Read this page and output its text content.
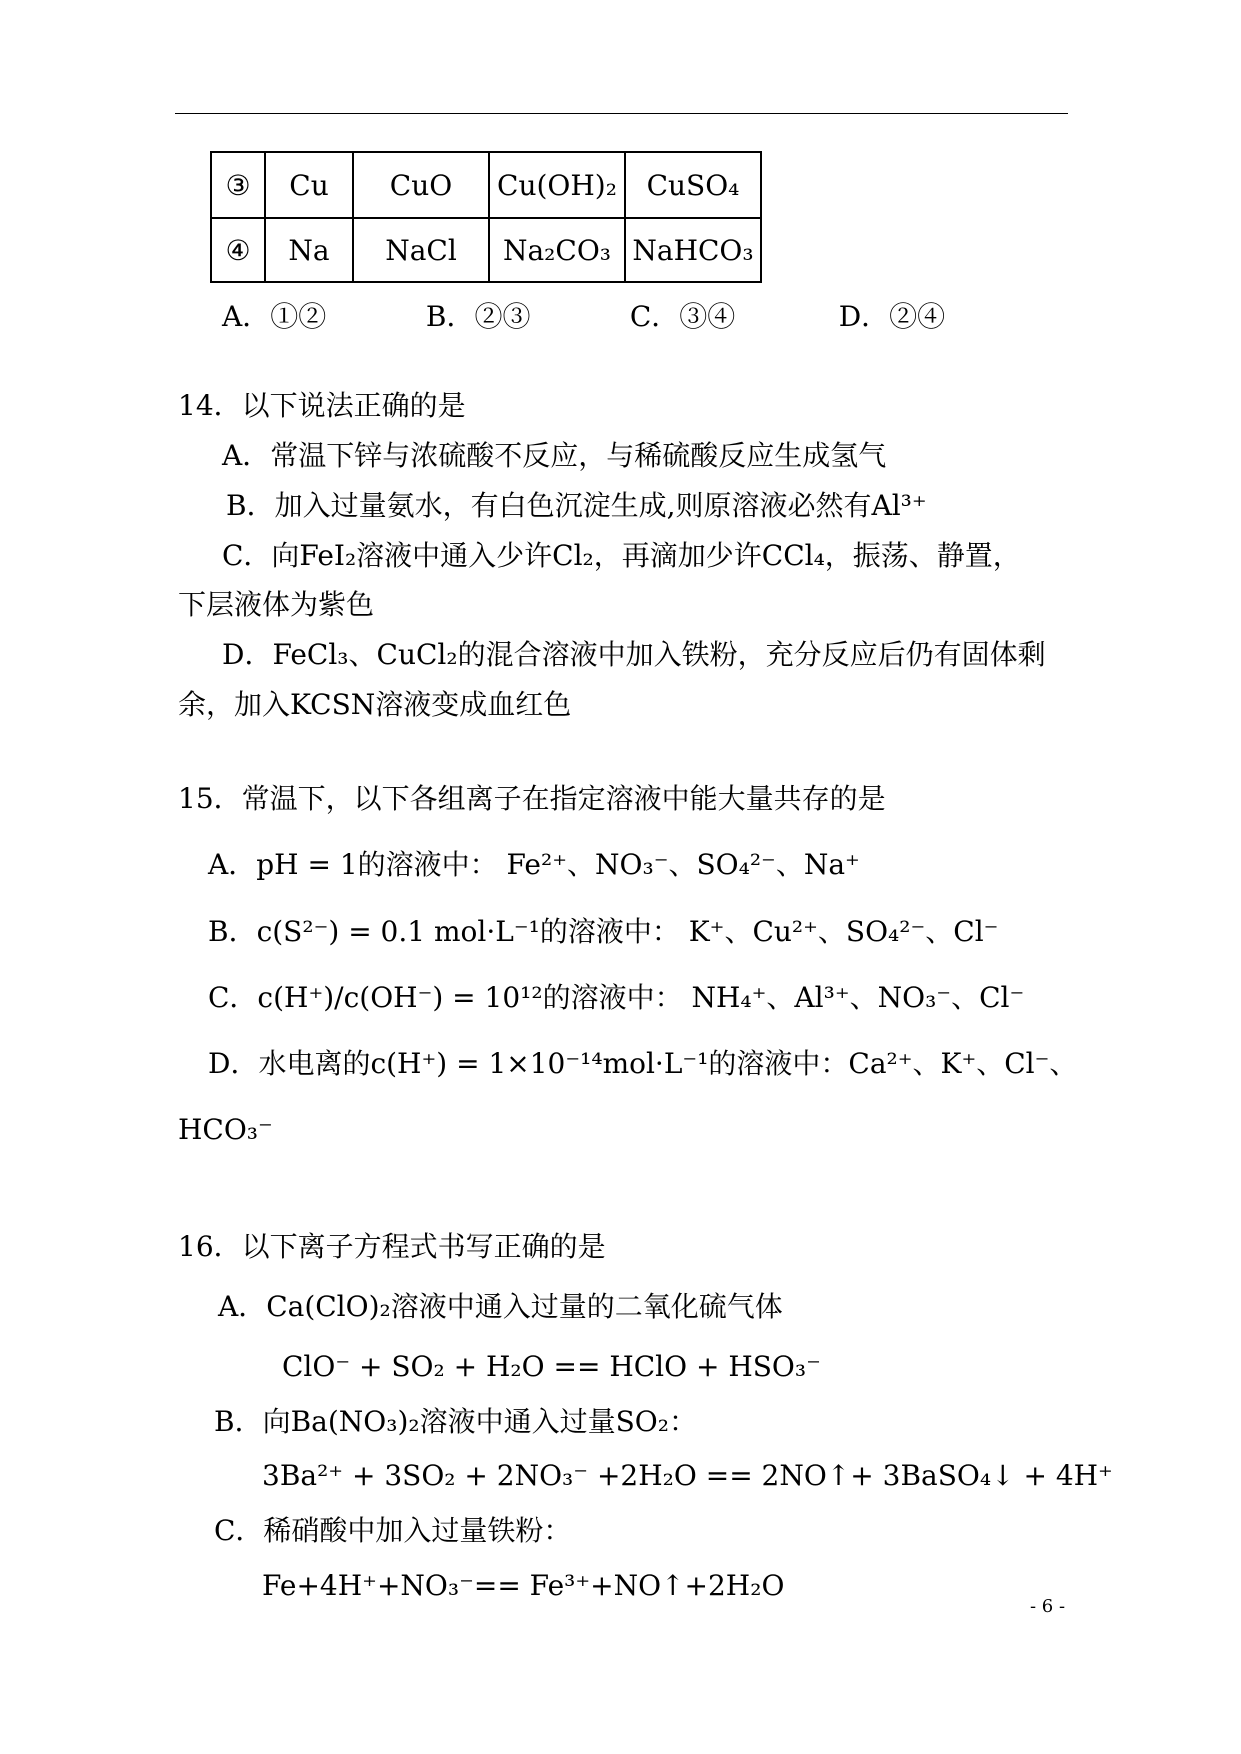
③	Cu	CuO	Cu(OH)₂	CuSO₄
④	Na	NaCl	Na₂CO₃	NaHCO₃
A．①②	B．②③	C．③④	D．②④
14．以下说法正确的是
A．常温下锌与浓硫酸不反应，与稀硫酸反应生成氢气
B．加入过量氨水，有白色沉淀生成,则原溶液必然有Al³⁺
C．向FeI₂溶液中通入少许Cl₂，再滴加少许CCl₄，振荡、静置，
下层液体为紫色
D．FeCl₃、CuCl₂的混合溶液中加入铁粉，充分反应后仍有固体剩
余，加入KCSN溶液变成血红色
15．常温下，以下各组离子在指定溶液中能大量共存的是
A．pH = 1的溶液中： Fe²⁺、NO₃⁻、SO₄²⁻、Na⁺
B．c(S²⁻) = 0.1 mol·L⁻¹的溶液中： K⁺、Cu²⁺、SO₄²⁻、Cl⁻
C．c(H⁺)/c(OH⁻) = 10¹²的溶液中： NH₄⁺、Al³⁺、NO₃⁻、Cl⁻
D．水电离的c(H⁺) = 1×10⁻¹⁴mol·L⁻¹的溶液中：Ca²⁺、K⁺、Cl⁻、
HCO₃⁻
16．以下离子方程式书写正确的是
A．Ca(ClO)₂溶液中通入过量的二氧化硫气体
ClO⁻ + SO₂ + H₂O == HClO + HSO₃⁻
B．向Ba(NO₃)₂溶液中通入过量SO₂：
3Ba²⁺ + 3SO₂ + 2NO₃⁻ +2H₂O == 2NO↑+ 3BaSO₄↓ + 4H⁺
C．稀硝酸中加入过量铁粉：
Fe+4H⁺+NO₃⁻== Fe³⁺+NO↑+2H₂O
- 6 -
